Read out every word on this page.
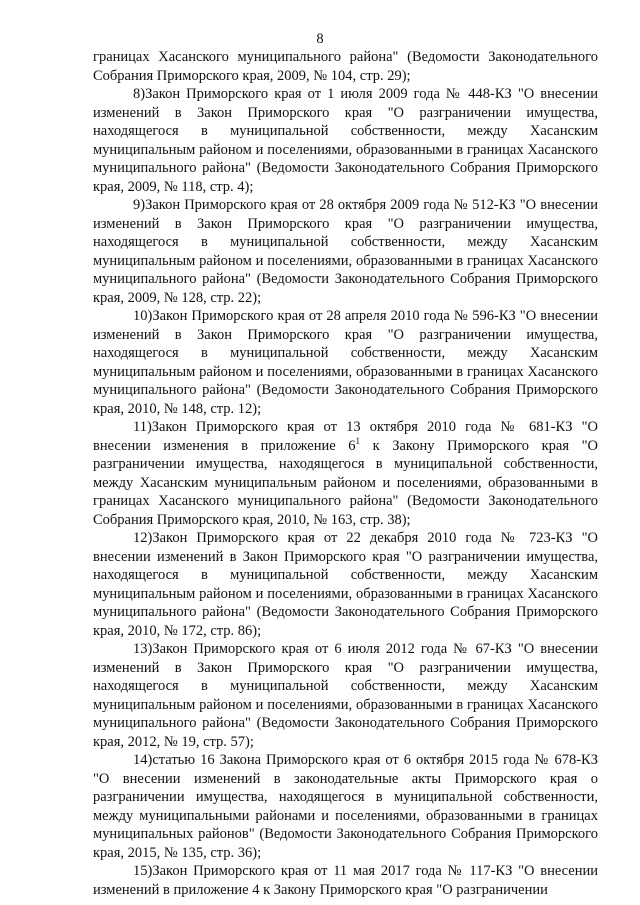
8

границах Хасанского муниципального района" (Ведомости Законодательного Собрания Приморского края, 2009, № 104, стр. 29);

8)Закон Приморского края от 1 июля 2009 года № 448-КЗ "О внесении изменений в Закон Приморского края "О разграничении имущества, находящегося в муниципальной собственности, между Хасанским муниципальным районом и поселениями, образованными в границах Хасанского муниципального района" (Ведомости Законодательного Собрания Приморского края, 2009, № 118, стр. 4);

9)Закон Приморского края от 28 октября 2009 года № 512-КЗ "О внесении изменений в Закон Приморского края "О разграничении имущества, находящегося в муниципальной собственности, между Хасанским муниципальным районом и поселениями, образованными в границах Хасанского муниципального района" (Ведомости Законодательного Собрания Приморского края, 2009, № 128, стр. 22);

10)Закон Приморского края от 28 апреля 2010 года № 596-КЗ "О внесении изменений в Закон Приморского края "О разграничении имущества, находящегося в муниципальной собственности, между Хасанским муниципальным районом и поселениями, образованными в границах Хасанского муниципального района" (Ведомости Законодательного Собрания Приморского края, 2010, № 148, стр. 12);

11)Закон Приморского края от 13 октября 2010 года № 681-КЗ "О внесении изменения в приложение $6^1$ к Закону Приморского края "О разграничении имущества, находящегося в муниципальной собственности, между Хасанским муниципальным районом и поселениями, образованными в границах Хасанского муниципального района" (Ведомости Законодательного Собрания Приморского края, 2010, № 163, стр. 38);

12)Закон Приморского края от 22 декабря 2010 года № 723-КЗ "О внесении изменений в Закон Приморского края "О разграничении имущества, находящегося в муниципальной собственности, между Хасанским муниципальным районом и поселениями, образованными в границах Хасанского муниципального района" (Ведомости Законодательного Собрания Приморского края, 2010, № 172, стр. 86);

13)Закон Приморского края от 6 июля 2012 года № 67-КЗ "О внесении изменений в Закон Приморского края "О разграничении имущества, находящегося в муниципальной собственности, между Хасанским муниципальным районом и поселениями, образованными в границах Хасанского муниципального района" (Ведомости Законодательного Собрания Приморского края, 2012, № 19, стр. 57);

14)статью 16 Закона Приморского края от 6 октября 2015 года № 678-КЗ "О внесении изменений в законодательные акты Приморского края о разграничении имущества, находящегося в муниципальной собственности, между муниципальными районами и поселениями, образованными в границах муниципальных районов" (Ведомости Законодательного Собрания Приморского края, 2015, № 135, стр. 36);

15)Закон Приморского края от 11 мая 2017 года № 117-КЗ "О внесении изменений в приложение 4 к Закону Приморского края "О разграничении
